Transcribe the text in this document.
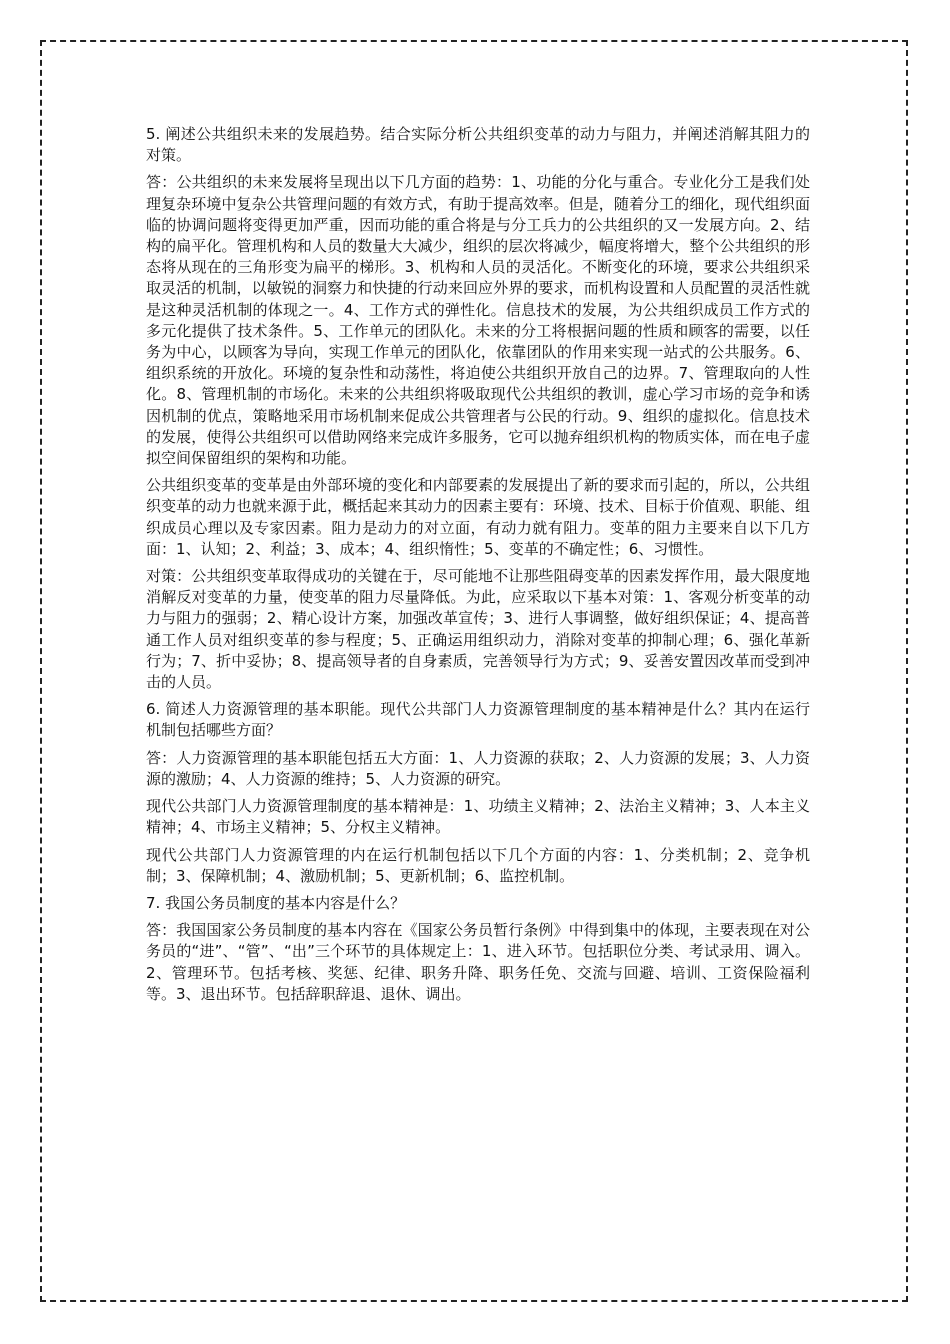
5. 阐述公共组织未来的发展趋势。结合实际分析公共组织变革的动力与阻力，并阐述消解其阻力的对策。

答：公共组织的未来发展将呈现出以下几方面的趋势：1、功能的分化与重合。专业化分工是我们处理复杂环境中复杂公共管理问题的有效方式，有助于提高效率。但是，随着分工的细化，现代组织面临的协调问题将变得更加严重，因而功能的重合将是与分工兵力的公共组织的又一发展方向。2、结构的扁平化。管理机构和人员的数量大大减少，组织的层次将减少，幅度将增大，整个公共组织的形态将从现在的三角形变为扁平的梯形。3、机构和人员的灵活化。不断变化的环境，要求公共组织采取灵活的机制，以敏锐的洞察力和快捷的行动来回应外界的要求，而机构设置和人员配置的灵活性就是这种灵活机制的体现之一。4、工作方式的弹性化。信息技术的发展，为公共组织成员工作方式的多元化提供了技术条件。5、工作单元的团队化。未来的分工将根据问题的性质和顾客的需要，以任务为中心，以顾客为导向，实现工作单元的团队化，依靠团队的作用来实现一站式的公共服务。6、组织系统的开放化。环境的复杂性和动荡性，将迫使公共组织开放自己的边界。7、管理取向的人性化。8、管理机制的市场化。未来的公共组织将吸取现代公共组织的教训，虚心学习市场的竞争和诱因机制的优点，策略地采用市场机制来促成公共管理者与公民的行动。9、组织的虚拟化。信息技术的发展，使得公共组织可以借助网络来完成许多服务，它可以抛弃组织机构的物质实体，而在电子虚拟空间保留组织的架构和功能。

公共组织变革的变革是由外部环境的变化和内部要素的发展提出了新的要求而引起的，所以，公共组织变革的动力也就来源于此，概括起来其动力的因素主要有：环境、技术、目标于价值观、职能、组织成员心理以及专家因素。阻力是动力的对立面，有动力就有阻力。变革的阻力主要来自以下几方面：1、认知；2、利益；3、成本；4、组织惰性；5、变革的不确定性；6、习惯性。

对策：公共组织变革取得成功的关键在于，尽可能地不让那些阻碍变革的因素发挥作用，最大限度地消解反对变革的力量，使变革的阻力尽量降低。为此，应采取以下基本对策：1、客观分析变革的动力与阻力的强弱；2、精心设计方案，加强改革宣传；3、进行人事调整，做好组织保证；4、提高普通工作人员对组织变革的参与程度；5、正确运用组织动力，消除对变革的抑制心理；6、强化革新行为；7、折中妥协；8、提高领导者的自身素质，完善领导行为方式；9、妥善安置因改革而受到冲击的人员。

6. 简述人力资源管理的基本职能。现代公共部门人力资源管理制度的基本精神是什么？其内在运行机制包括哪些方面？

答：人力资源管理的基本职能包括五大方面：1、人力资源的获取；2、人力资源的发展；3、人力资源的激励；4、人力资源的维持；5、人力资源的研究。

现代公共部门人力资源管理制度的基本精神是：1、功绩主义精神；2、法治主义精神；3、人本主义精神；4、市场主义精神；5、分权主义精神。

现代公共部门人力资源管理的内在运行机制包括以下几个方面的内容：1、分类机制；2、竞争机制；3、保障机制；4、激励机制；5、更新机制；6、监控机制。

7. 我国公务员制度的基本内容是什么？

答：我国国家公务员制度的基本内容在《国家公务员暂行条例》中得到集中的体现，主要表现在对公务员的“进”、“管”、“出”三个环节的具体规定上：1、进入环节。包括职位分类、考试录用、调入。2、管理环节。包括考核、奖惩、纪律、职务升降、职务任免、交流与回避、培训、工资保险福利等。3、退出环节。包括辞职辞退、退休、调出。
